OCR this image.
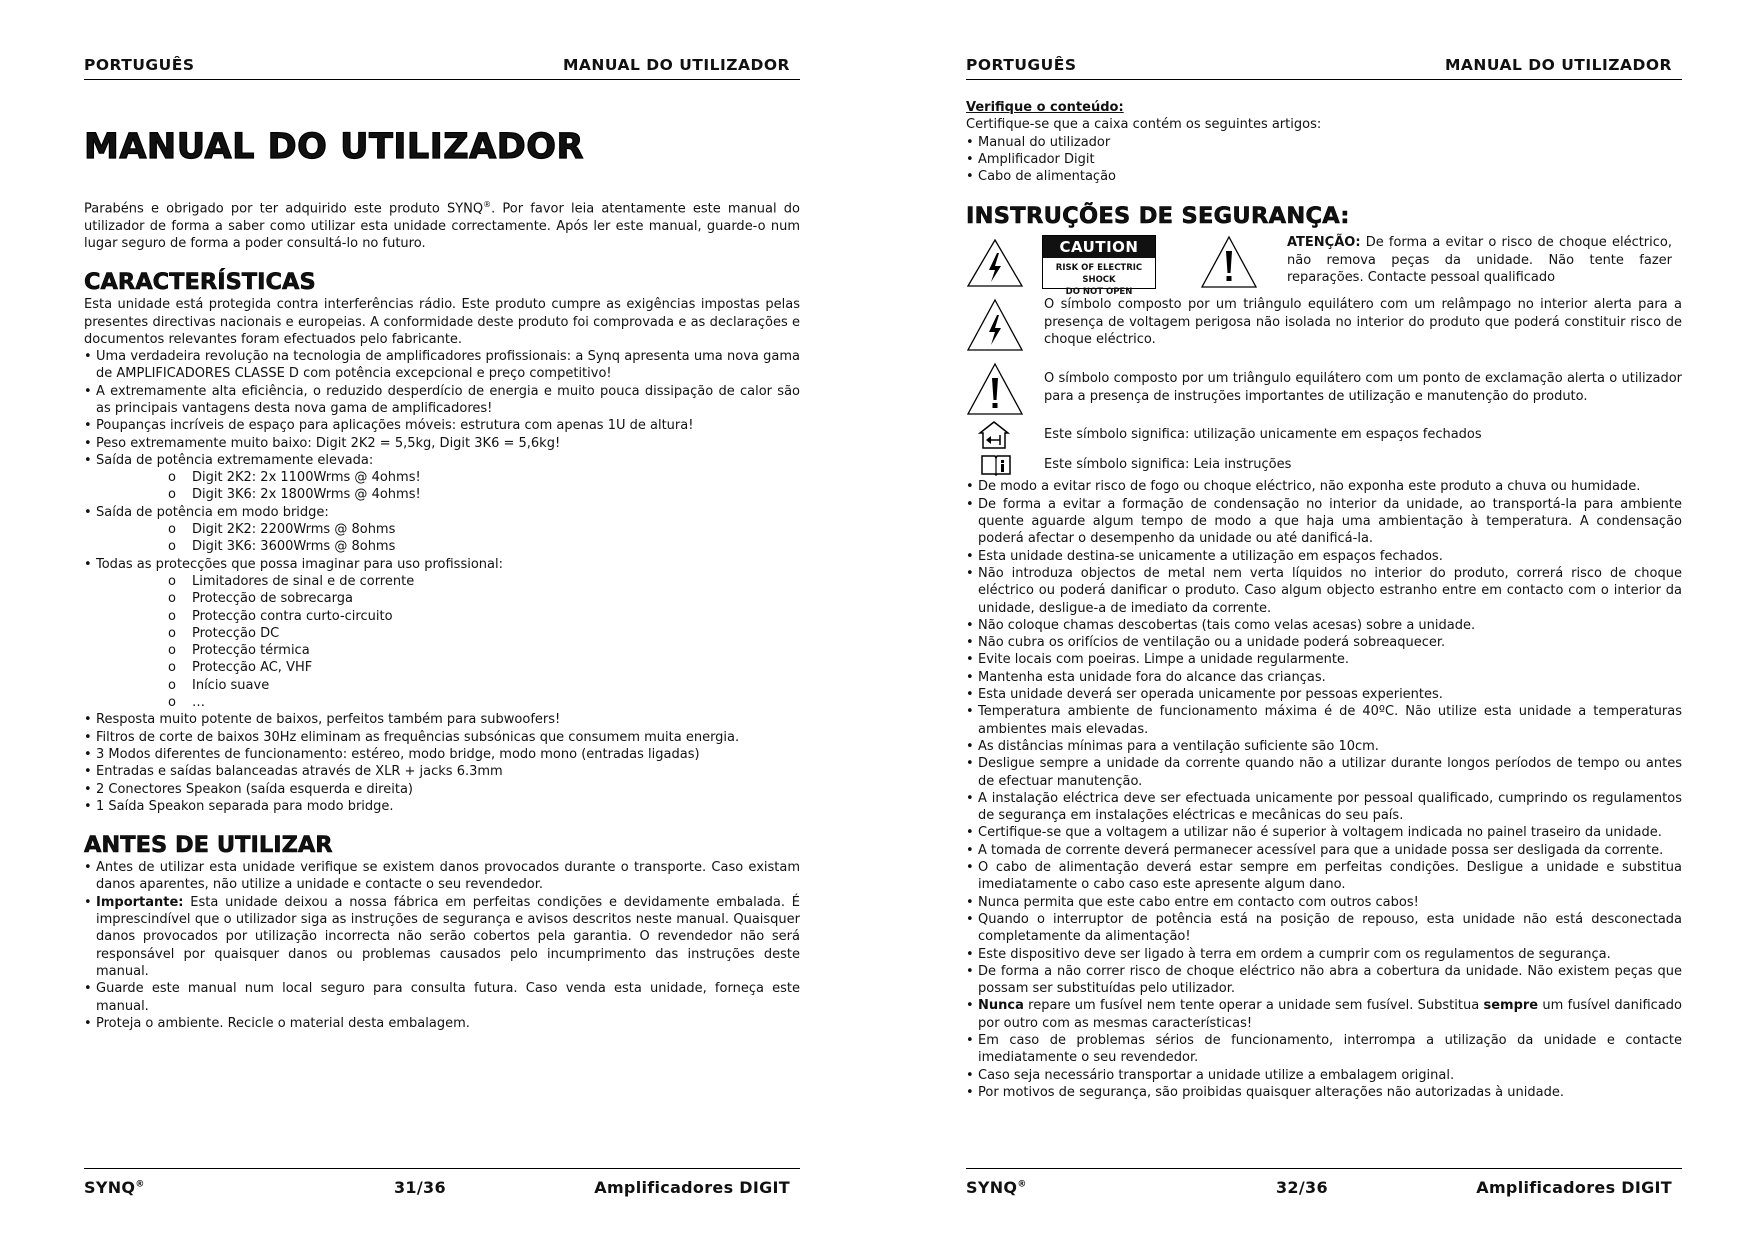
PORTUGUÊS	MANUAL DO UTILIZADOR
MANUAL DO UTILIZADOR

Parabéns e obrigado por ter adquirido este produto SYNQ®. Por favor leia atentamente este manual do utilizador de forma a saber como utilizar esta unidade correctamente. Após ler este manual, guarde-o num lugar seguro de forma a poder consultá-lo no futuro.

CARACTERÍSTICAS

Esta unidade está protegida contra interferências rádio. Este produto cumpre as exigências impostas pelas presentes directivas nacionais e europeias. A conformidade deste produto foi comprovada e as declarações e documentos relevantes foram efectuados pelo fabricante.

• Uma verdadeira revolução na tecnologia de amplificadores profissionais: a Synq apresenta uma nova gama de AMPLIFICADORES CLASSE D com potência excepcional e preço competitivo!
• A extremamente alta eficiência, o reduzido desperdício de energia e muito pouca dissipação de calor são as principais vantagens desta nova gama de amplificadores!
• Poupanças incríveis de espaço para aplicações móveis: estrutura com apenas 1U de altura!
• Peso extremamente muito baixo: Digit 2K2 = 5,5kg, Digit 3K6 = 5,6kg!
• Saída de potência extremamente elevada:
o Digit 2K2: 2x 1100Wrms @ 4ohms!
o Digit 3K6: 2x 1800Wrms @ 4ohms!
• Saída de potência em modo bridge:
o Digit 2K2: 2200Wrms @ 8ohms
o Digit 3K6: 3600Wrms @ 8ohms
• Todas as protecções que possa imaginar para uso profissional:
o Limitadores de sinal e de corrente
o Protecção de sobrecarga
o Protecção contra curto-circuito
o Protecção DC
o Protecção térmica
o Protecção AC, VHF
o Início suave
o …
• Resposta muito potente de baixos, perfeitos também para subwoofers!
• Filtros de corte de baixos 30Hz eliminam as frequências subsónicas que consumem muita energia.
• 3 Modos diferentes de funcionamento: estéreo, modo bridge, modo mono (entradas ligadas)
• Entradas e saídas balanceadas através de XLR + jacks 6.3mm
• 2 Conectores Speakon (saída esquerda e direita)
• 1 Saída Speakon separada para modo bridge.
ANTES DE UTILIZAR
• Antes de utilizar esta unidade verifique se existem danos provocados durante o transporte. Caso existam danos aparentes, não utilize a unidade e contacte o seu revendedor.
• Importante: Esta unidade deixou a nossa fábrica em perfeitas condições e devidamente embalada. É imprescindível que o utilizador siga as instruções de segurança e avisos descritos neste manual. Quaisquer danos provocados por utilização incorrecta não serão cobertos pela garantia. O revendedor não será responsável por quaisquer danos ou problemas causados pelo incumprimento das instruções deste manual.
• Guarde este manual num local seguro para consulta futura. Caso venda esta unidade, forneça este manual.
• Proteja o ambiente. Recicle o material desta embalagem.
SYNQ®	31/36	Amplificadores DIGIT
PORTUGUÊS	MANUAL DO UTILIZADOR

Verifique o conteúdo:

Certifique-se que a caixa contém os seguintes artigos:

• Manual do utilizador
• Amplificador Digit
• Cabo de alimentação
INSTRUÇÕES DE SEGURANÇA:
CAUTION
RISK OF ELECTRIC SHOCK
DO NOT OPEN
ATENÇÃO: De forma a evitar o risco de choque eléctrico, não remova peças da unidade. Não tente fazer reparações. Contacte pessoal qualificado

O símbolo composto por um triângulo equilátero com um relâmpago no interior alerta para a presença de voltagem perigosa não isolada no interior do produto que poderá constituir risco de choque eléctrico.

O símbolo composto por um triângulo equilátero com um ponto de exclamação alerta o utilizador para a presença de instruções importantes de utilização e manutenção do produto.

Este símbolo significa: utilização unicamente em espaços fechados

Este símbolo significa: Leia instruções

• De modo a evitar risco de fogo ou choque eléctrico, não exponha este produto a chuva ou humidade.
• De forma a evitar a formação de condensação no interior da unidade, ao transportá-la para ambiente quente aguarde algum tempo de modo a que haja uma ambientação à temperatura. A condensação poderá afectar o desempenho da unidade ou até danificá-la.
• Esta unidade destina-se unicamente a utilização em espaços fechados.
• Não introduza objectos de metal nem verta líquidos no interior do produto, correrá risco de choque eléctrico ou poderá danificar o produto. Caso algum objecto estranho entre em contacto com o interior da unidade, desligue-a de imediato da corrente.
• Não coloque chamas descobertas (tais como velas acesas) sobre a unidade.
• Não cubra os orifícios de ventilação ou a unidade poderá sobreaquecer.
• Evite locais com poeiras. Limpe a unidade regularmente.
• Mantenha esta unidade fora do alcance das crianças.
• Esta unidade deverá ser operada unicamente por pessoas experientes.
• Temperatura ambiente de funcionamento máxima é de 40ºC. Não utilize esta unidade a temperaturas ambientes mais elevadas.
• As distâncias mínimas para a ventilação suficiente são 10cm.
• Desligue sempre a unidade da corrente quando não a utilizar durante longos períodos de tempo ou antes de efectuar manutenção.
• A instalação eléctrica deve ser efectuada unicamente por pessoal qualificado, cumprindo os regulamentos de segurança em instalações eléctricas e mecânicas do seu país.
• Certifique-se que a voltagem a utilizar não é superior à voltagem indicada no painel traseiro da unidade.
• A tomada de corrente deverá permanecer acessível para que a unidade possa ser desligada da corrente.
• O cabo de alimentação deverá estar sempre em perfeitas condições. Desligue a unidade e substitua imediatamente o cabo caso este apresente algum dano.
• Nunca permita que este cabo entre em contacto com outros cabos!
• Quando o interruptor de potência está na posição de repouso, esta unidade não está desconectada completamente da alimentação!
• Este dispositivo deve ser ligado à terra em ordem a cumprir com os regulamentos de segurança.
• De forma a não correr risco de choque eléctrico não abra a cobertura da unidade. Não existem peças que possam ser substituídas pelo utilizador.
• Nunca repare um fusível nem tente operar a unidade sem fusível. Substitua sempre um fusível danificado por outro com as mesmas características!
• Em caso de problemas sérios de funcionamento, interrompa a utilização da unidade e contacte imediatamente o seu revendedor.
• Caso seja necessário transportar a unidade utilize a embalagem original.
• Por motivos de segurança, são proibidas quaisquer alterações não autorizadas à unidade.
SYNQ®	32/36	Amplificadores DIGIT
